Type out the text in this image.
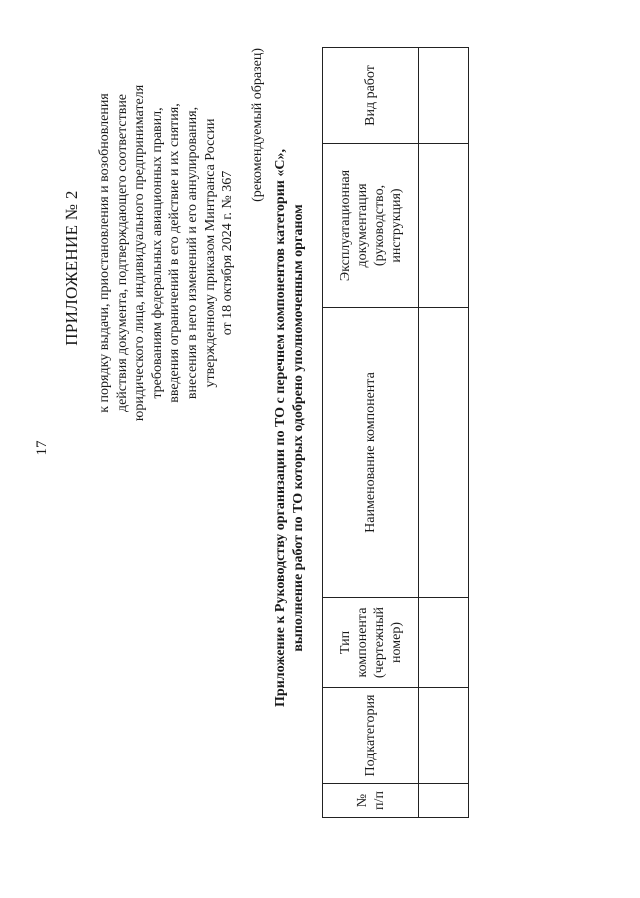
17
ПРИЛОЖЕНИЕ № 2
к порядку выдачи, приостановления и возобновления
действия документа, подтверждающего соответствие
юридического лица, индивидуального предпринимателя
требованиям федеральных авиационных правил,
введения ограничений в его действие и их снятия,
внесения в него изменений и его аннулирования,
утвержденному приказом Минтранса России
от 18 октября 2024 г. № 367 (рекомендуемый образец)
Приложение к Руководству организации по ТО с перечнем компонентов категории «С»,
выполнение работ по ТО которых одобрено уполномоченным органом
№
п/п	Подкатегория	Тип
компонента
(чертежный
номер)	Наименование компонента	Эксплуатационная
документация
(руководство,
инструкция)	Вид работ
